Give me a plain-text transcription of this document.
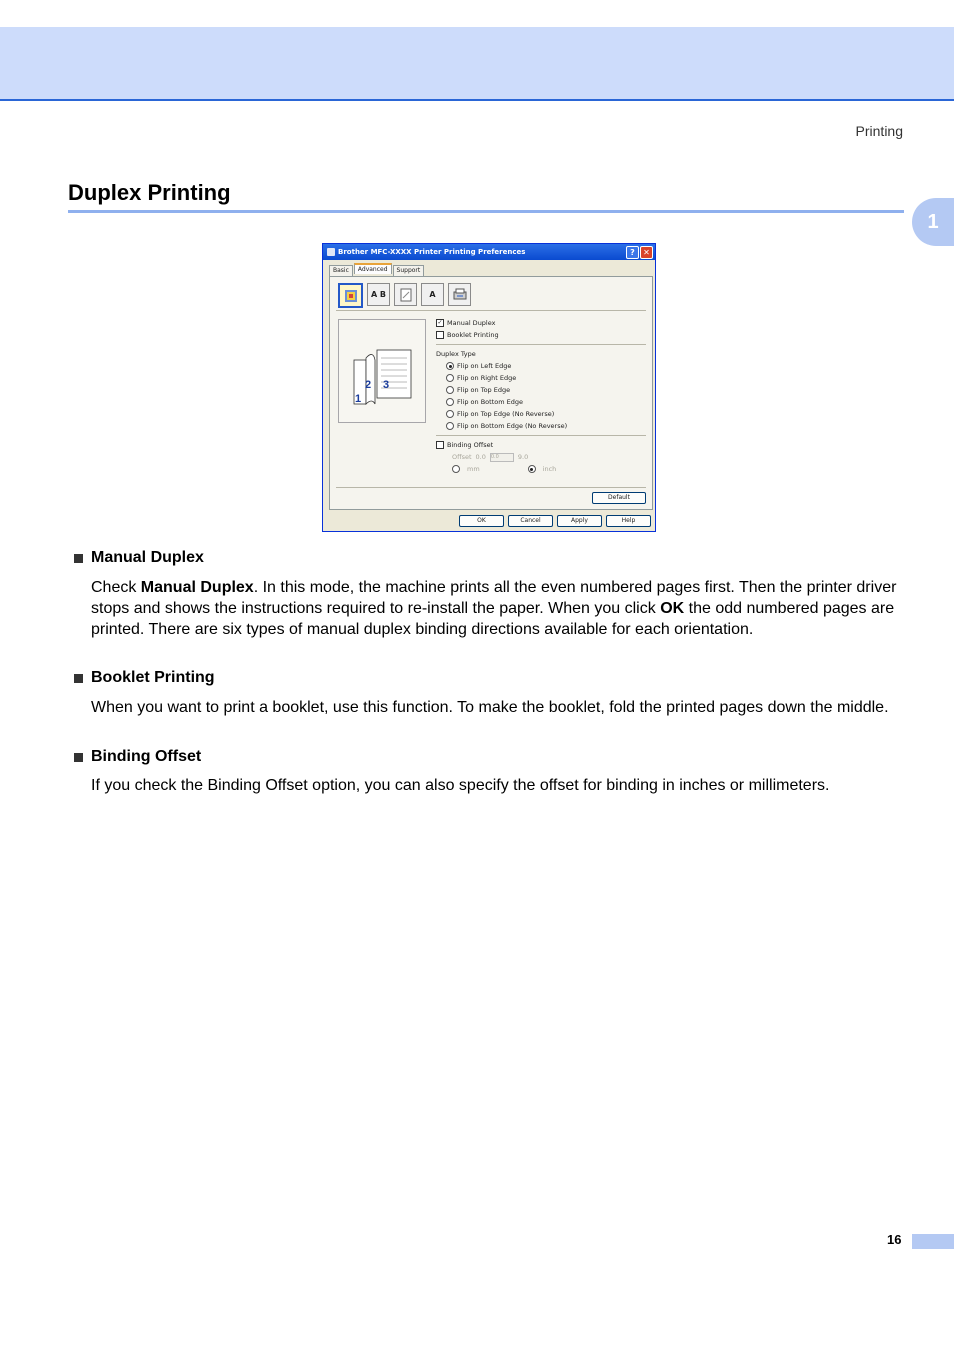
Printing
1
Duplex Printing
Brother MFC-XXXX Printer Printing Preferences	?	✕
Basic	Advanced	Support
A B	A
2 3
1
✓ Manual Duplex
Booklet Printing
Duplex Type
Flip on Left Edge
Flip on Right Edge
Flip on Top Edge
Flip on Bottom Edge
Flip on Top Edge (No Reverse)
Flip on Bottom Edge (No Reverse)
Binding Offset
Offset 0.0 0.0	9.0
mm	inch
Default
OK	Cancel	Apply	Help
Manual Duplex
Check Manual Duplex. In this mode, the machine prints all the even numbered pages first. Then the printer driver stops and shows the instructions required to re-install the paper. When you click OK the odd numbered pages are printed. There are six types of manual duplex binding directions available for each orientation.
Booklet Printing
When you want to print a booklet, use this function. To make the booklet, fold the printed pages down the middle.
Binding Offset
If you check the Binding Offset option, you can also specify the offset for binding in inches or millimeters.
16
